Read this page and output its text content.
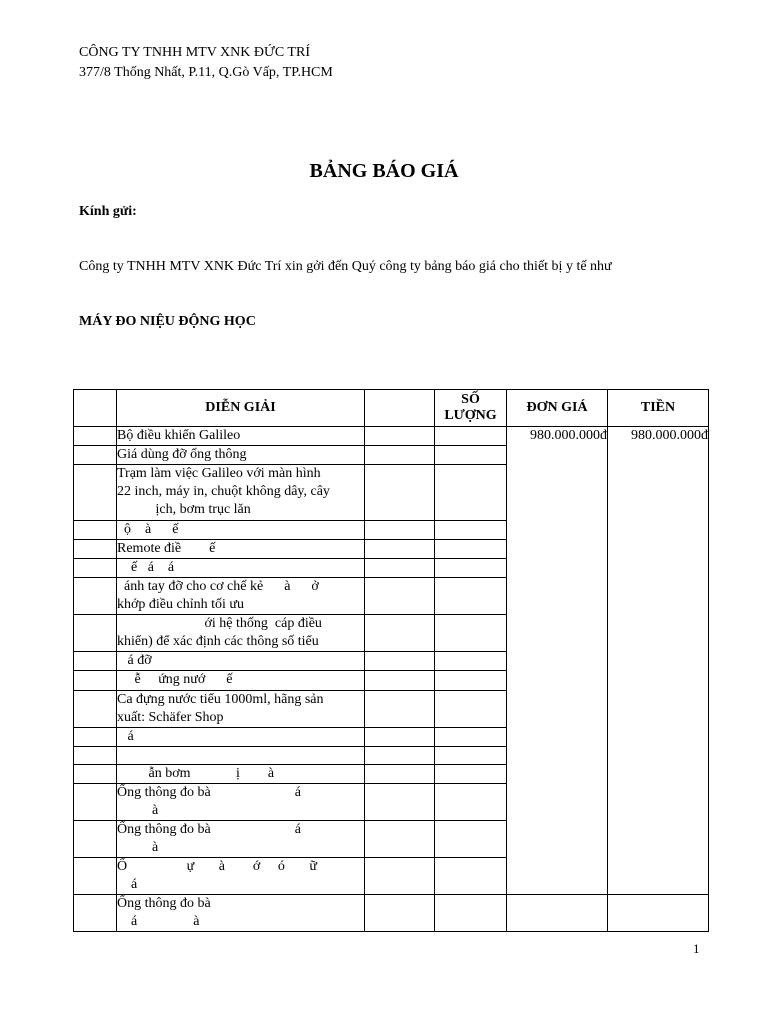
CÔNG TY TNHH MTV XNK ĐỨC TRÍ
377/8 Thống Nhất, P.11, Q.Gò Vấp, TP.HCM
BẢNG BÁO GIÁ
Kính gửi:
Công ty TNHH MTV XNK Đức Trí xin gởi đến Quý công ty bảng báo giá cho thiết bị y tế như
MÁY ĐO NIỆU ĐỘNG HỌC
	DIỄN GIẢI		SỐ LƯỢNG	ĐƠN GIÁ	TIỀN

	Bộ điều khiển Galileo			980.000.000đ	980.000.000đ

	Giá dùng đỡ ống thông				

	Trạm làm việc Galileo với màn hình
22 inch, máy in, chuột không dây, cây
ịch, bơm trục lăn				

	ộ    à      ế				

	Remote điề        ế				

	ế   á    á				

	ánh tay đỡ cho cơ chế kẻ      à      ở
khớp điều chỉnh tối ưu				

	ới hệ thống  cáp điều
khiển) để xác định các thông số tiểu				

	á đỡ				

	ễ     ứng nướ      ế				

	Ca đựng nước tiểu 1000ml, hãng sản
xuất: Schäfer Shop				

	á				

	ẫn bơm             ị        à				

	Ống thông đo bà                        á
à				

	Ống thông đo bà                        á
à				

	Ố                 ự       à        ớ     ó       ữ
á				

	Ống thông đo bà
á                à				

1
